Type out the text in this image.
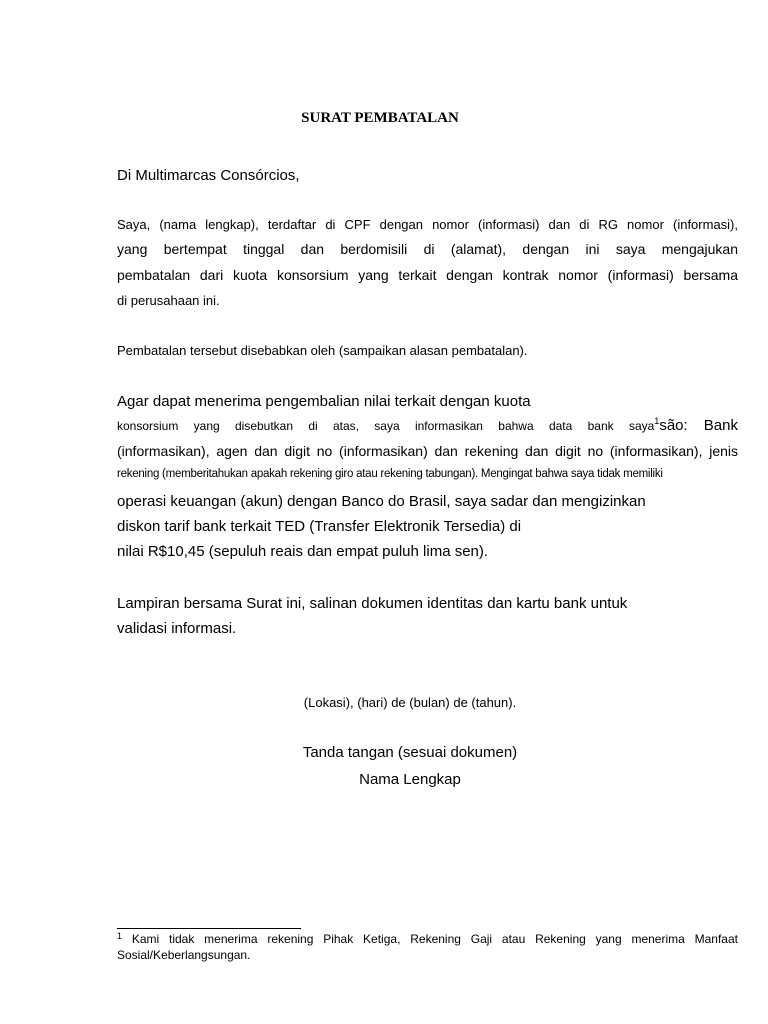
SURAT PEMBATALAN
Di Multimarcas Consórcios,
Saya, (nama lengkap), terdaftar di CPF dengan nomor (informasi) dan di RG nomor (informasi),
yang bertempat tinggal dan berdomisili di (alamat), dengan ini saya mengajukan
pembatalan dari kuota konsorsium yang terkait dengan kontrak nomor (informasi) bersama
di perusahaan ini.
Pembatalan tersebut disebabkan oleh (sampaikan alasan pembatalan).
Agar dapat menerima pengembalian nilai terkait dengan kuota
konsorsium yang disebutkan di atas, saya informasikan bahwa data bank saya$^1$são: Bank
(informasikan), agen dan digit no (informasikan) dan rekening dan digit no (informasikan), jenis
rekening (memberitahukan apakah rekening giro atau rekening tabungan). Mengingat bahwa saya tidak memiliki
operasi keuangan (akun) dengan Banco do Brasil, saya sadar dan mengizinkan
diskon tarif bank terkait TED (Transfer Elektronik Tersedia) di
nilai R$10,45 (sepuluh reais dan empat puluh lima sen).
Lampiran bersama Surat ini, salinan dokumen identitas dan kartu bank untuk
validasi informasi.
(Lokasi), (hari) de (bulan) de (tahun).
Tanda tangan (sesuai dokumen)
Nama Lengkap
$^1$ Kami tidak menerima rekening Pihak Ketiga, Rekening Gaji atau Rekening yang menerima Manfaat
Sosial/Keberlangsungan.
